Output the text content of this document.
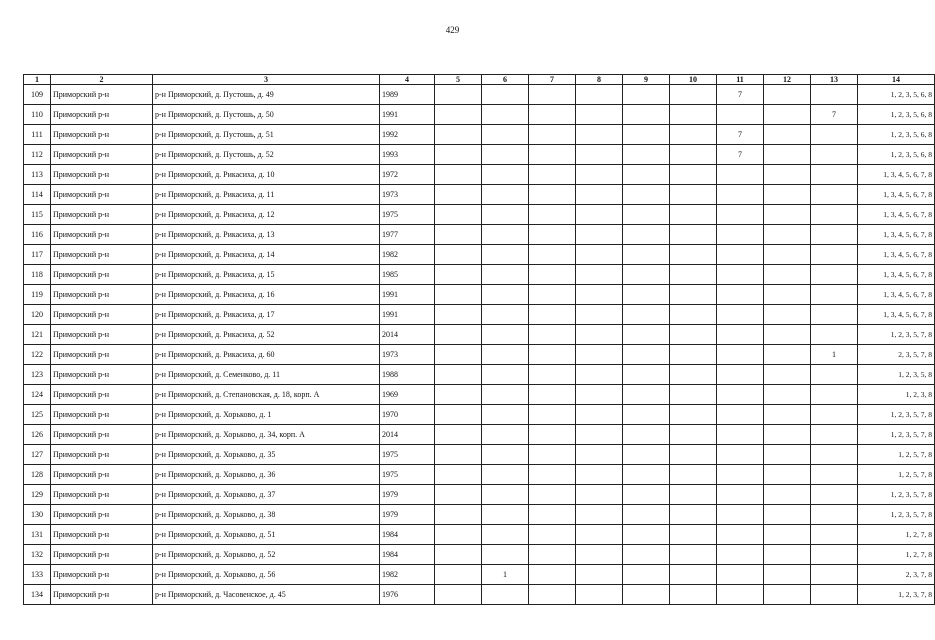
429
1	2	3	4	5	6	7	8	9	10	11	12	13	14
109	Приморский р-н	р-н Приморский, д. Пустошь, д. 49	1989							7			1, 2, 3, 5, 6, 8
110	Приморский р-н	р-н Приморский, д. Пустошь, д. 50	1991									7	1, 2, 3, 5, 6, 8
111	Приморский р-н	р-н Приморский, д. Пустошь, д. 51	1992							7			1, 2, 3, 5, 6, 8
112	Приморский р-н	р-н Приморский, д. Пустошь, д. 52	1993							7			1, 2, 3, 5, 6, 8
113	Приморский р-н	р-н Приморский, д. Рикасиха, д. 10	1972										1, 3, 4, 5, 6, 7, 8
114	Приморский р-н	р-н Приморский, д. Рикасиха, д. 11	1973										1, 3, 4, 5, 6, 7, 8
115	Приморский р-н	р-н Приморский, д. Рикасиха, д. 12	1975										1, 3, 4, 5, 6, 7, 8
116	Приморский р-н	р-н Приморский, д. Рикасиха, д. 13	1977										1, 3, 4, 5, 6, 7, 8
117	Приморский р-н	р-н Приморский, д. Рикасиха, д. 14	1982										1, 3, 4, 5, 6, 7, 8
118	Приморский р-н	р-н Приморский, д. Рикасиха, д. 15	1985										1, 3, 4, 5, 6, 7, 8
119	Приморский р-н	р-н Приморский, д. Рикасиха, д. 16	1991										1, 3, 4, 5, 6, 7, 8
120	Приморский р-н	р-н Приморский, д. Рикасиха, д. 17	1991										1, 3, 4, 5, 6, 7, 8
121	Приморский р-н	р-н Приморский, д. Рикасиха, д. 52	2014										1, 2, 3, 5, 7, 8
122	Приморский р-н	р-н Приморский, д. Рикасиха, д. 60	1973									1	2, 3, 5, 7, 8
123	Приморский р-н	р-н Приморский, д. Семенково, д. 11	1988										1, 2, 3, 5, 8
124	Приморский р-н	р-н Приморский, д. Степановская, д. 18, корп. А	1969										1, 2, 3, 8
125	Приморский р-н	р-н Приморский, д. Хорьково, д. 1	1970										1, 2, 3, 5, 7, 8
126	Приморский р-н	р-н Приморский, д. Хорьково, д. 34, корп. А	2014										1, 2, 3, 5, 7, 8
127	Приморский р-н	р-н Приморский, д. Хорьково, д. 35	1975										1, 2, 5, 7, 8
128	Приморский р-н	р-н Приморский, д. Хорьково, д. 36	1975										1, 2, 5, 7, 8
129	Приморский р-н	р-н Приморский, д. Хорьково, д. 37	1979										1, 2, 3, 5, 7, 8
130	Приморский р-н	р-н Приморский, д. Хорьково, д. 38	1979										1, 2, 3, 5, 7, 8
131	Приморский р-н	р-н Приморский, д. Хорьково, д. 51	1984										1, 2, 7, 8
132	Приморский р-н	р-н Приморский, д. Хорьково, д. 52	1984										1, 2, 7, 8
133	Приморский р-н	р-н Приморский, д. Хорьково, д. 56	1982		1								2, 3, 7, 8
134	Приморский р-н	р-н Приморский, д. Часовенское, д. 45	1976										1, 2, 3, 7, 8
